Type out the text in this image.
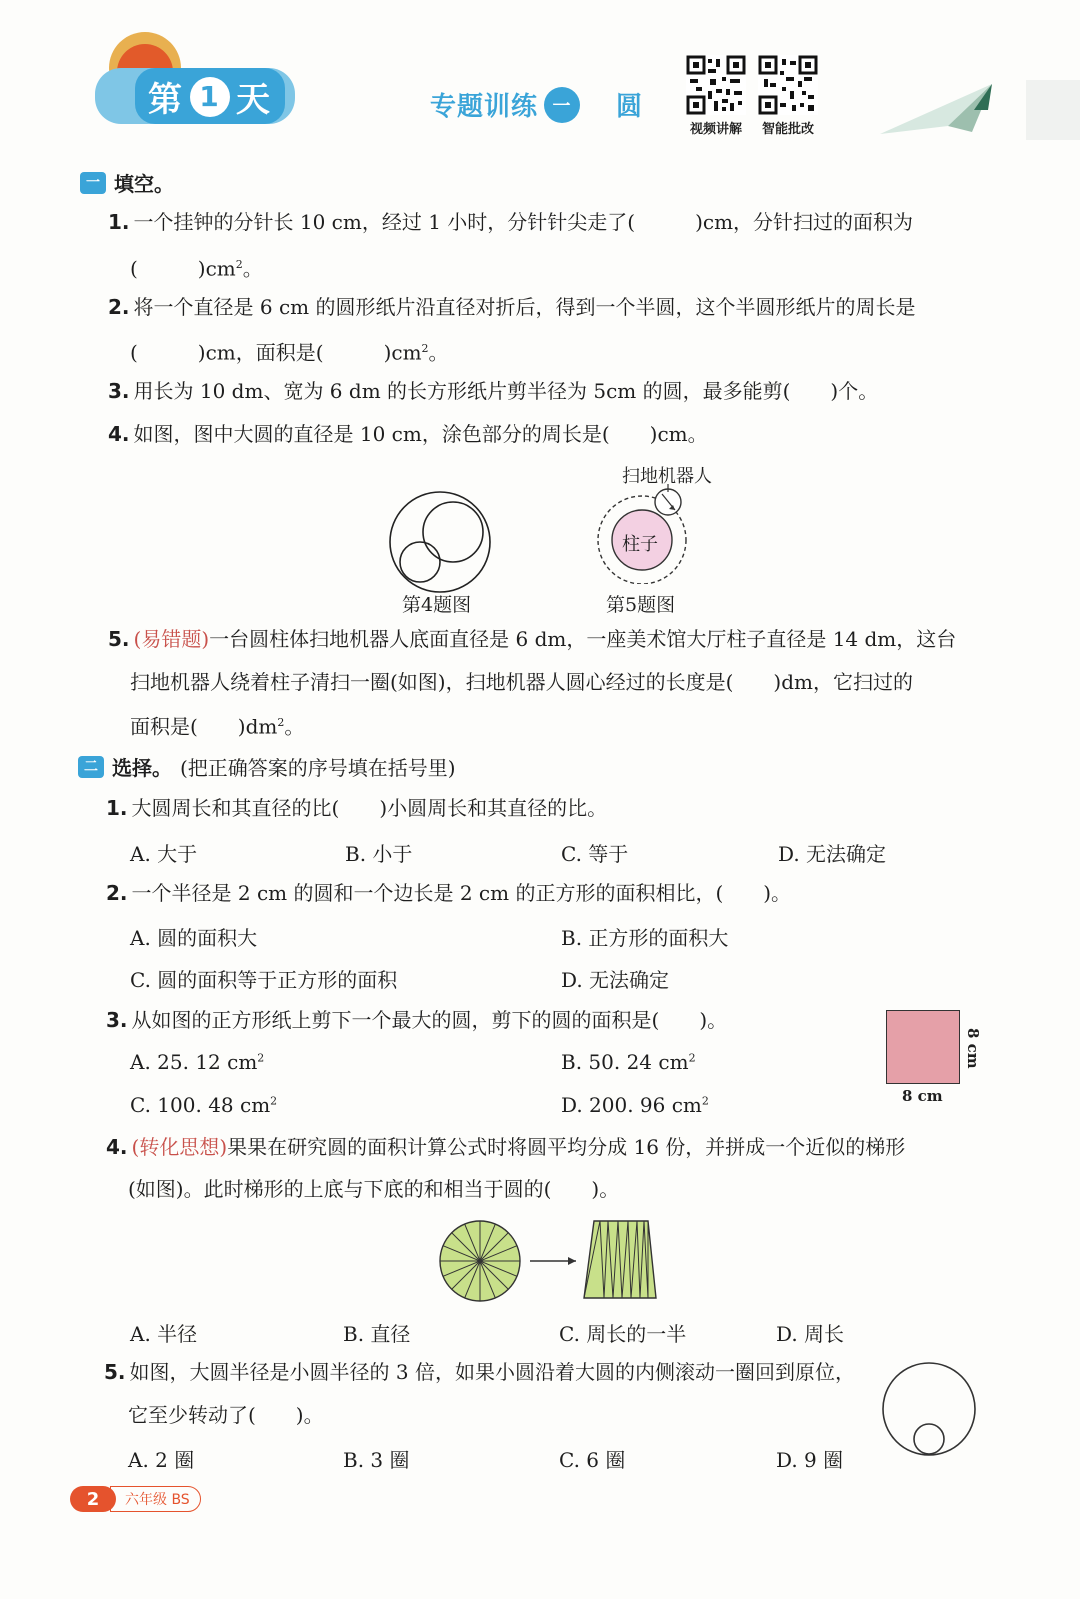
第 1 天	专题训练 一	圆
视频讲解	智能批改
一 填空。
1. 一个挂钟的分针长 10 cm，经过 1 小时，分针针尖走了(　　　)cm，分针扫过的面积为
(　　　)$cm^2$。
2. 将一个直径是 6 cm 的圆形纸片沿直径对折后，得到一个半圆，这个半圆形纸片的周长是
(　　　)cm，面积是(　　　)$cm^2$。
3. 用长为 10 dm、宽为 6 dm 的长方形纸片剪半径为 5cm 的圆，最多能剪(　　)个。
4. 如图，图中大圆的直径是 10 cm，涂色部分的周长是(　　)cm。
第4题图
扫地机器人
柱子
第5题图
5. (易错题)一台圆柱体扫地机器人底面直径是 6 dm，一座美术馆大厅柱子直径是 14 dm，这台
扫地机器人绕着柱子清扫一圈(如图)，扫地机器人圆心经过的长度是(　　)dm，它扫过的
面积是(　　)$dm^2$。
二 选择。 (把正确答案的序号填在括号里)
1. 大圆周长和其直径的比(　　)小圆周长和其直径的比。
A. 大于	B. 小于	C. 等于	D. 无法确定
2. 一个半径是 2 cm 的圆和一个边长是 2 cm 的正方形的面积相比，(　　)。
A. 圆的面积大	B. 正方形的面积大
C. 圆的面积等于正方形的面积	D. 无法确定
3. 从如图的正方形纸上剪下一个最大的圆，剪下的圆的面积是(　　)。
A. 25. 12 $cm^2$	B. 50. 24 $cm^2$
C. 100. 48 $cm^2$	D. 200. 96 $cm^2$
8 cm
8 cm
4. (转化思想)果果在研究圆的面积计算公式时将圆平均分成 16 份，并拼成一个近似的梯形
(如图)。此时梯形的上底与下底的和相当于圆的(　　)。
A. 半径	B. 直径	C. 周长的一半	D. 周长
5. 如图，大圆半径是小圆半径的 3 倍，如果小圆沿着大圆的内侧滚动一圈回到原位，
它至少转动了(　　)。
A. 2 圈	B. 3 圈	C. 6 圈	D. 9 圈
2	六年级 BS
